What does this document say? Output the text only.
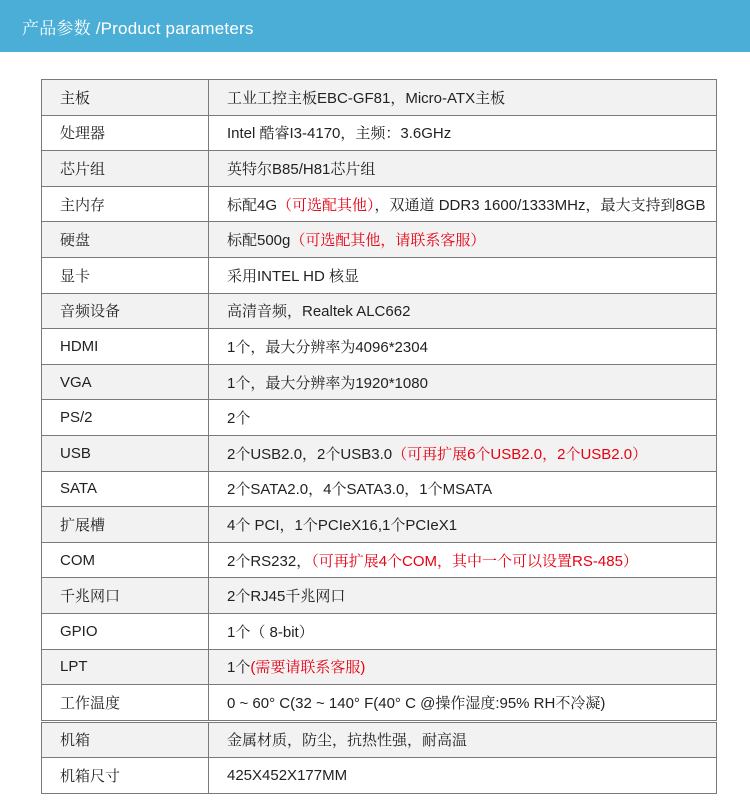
产品参数 /Product parameters
主板	工业工控主板EBC-GF81，Micro-ATX主板
处理器	Intel 酷睿I3-4170，主频：3.6GHz
芯片组	英特尔B85/H81芯片组
主内存	标配4G（可选配其他），双通道 DDR3 1600/1333MHz，最大支持到8GB
硬盘	标配500g（可选配其他，请联系客服）
显卡	采用INTEL HD 核显
音频设备	高清音频，Realtek ALC662
HDMI	1个，最大分辨率为4096*2304
VGA	1个，最大分辨率为1920*1080
PS/2	2个
USB	2个USB2.0，2个USB3.0（可再扩展6个USB2.0，2个USB2.0）
SATA	2个SATA2.0，4个SATA3.0，1个MSATA
扩展槽	4个 PCI，1个PCIeX16,1个PCIeX1
COM	2个RS232，（可再扩展4个COM，其中一个可以设置RS-485）
千兆网口	2个RJ45千兆网口
GPIO	1个（ 8-bit）
LPT	1个(需要请联系客服)
工作温度	0 ~ 60° C(32 ~ 140° F(40° C @操作湿度:95% RH不冷凝)
机箱	金属材质，防尘，抗热性强，耐高温
机箱尺寸	425X452X177MM
